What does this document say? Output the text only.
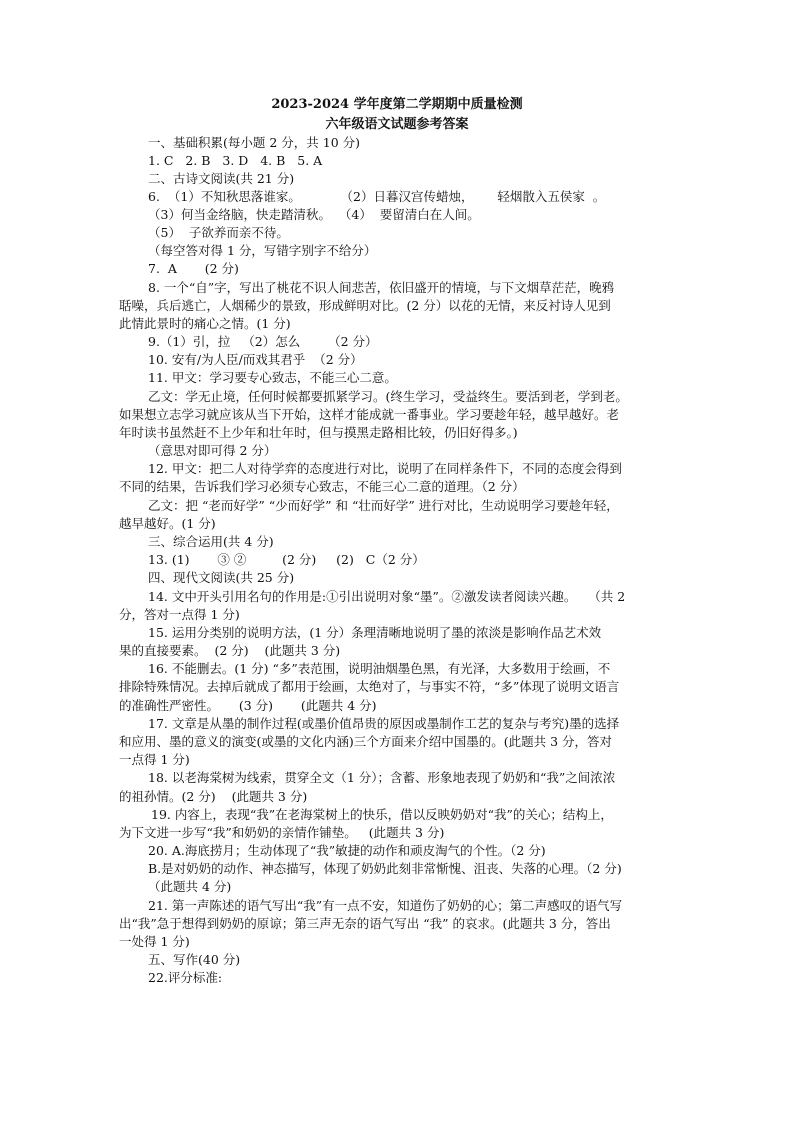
2023-2024 学年度第二学期期中质量检测
六年级语文试题参考答案
一、基础积累(每小题 2 分，共 10 分)
1. C   2. B   3. D   4. B   5. A
二、古诗文阅读(共 21 分)
6.  （1）不知秋思落谁家。          （2）日暮汉宫传蜡烛，      轻烟散入五侯家  。
（3）何当金络脑，快走踏清秋。  （4）  要留清白在人间。
（5）  子欲养而亲不待。
（每空答对得 1 分，写错字别字不给分）
7.  A       (2 分)
8. 一个“自”字，写出了桃花不识人间悲苦，依旧盛开的情境，与下文烟草茫茫，晚鸦
聒噪，兵后逃亡，人烟稀少的景致，形成鲜明对比。(2 分）以花的无情，来反衬诗人见到
此情此景时的痛心之情。(1 分)
9.（1）引，拉   （2）怎么       （2 分）
10. 安有/为人臣/而戏其君乎  （2 分）
11. 甲文：学习要专心致志，不能三心二意。
乙文：学无止境，任何时候都要抓紧学习。(终生学习，受益终生。要活到老，学到老。
如果想立志学习就应该从当下开始，这样才能成就一番事业。学习要趁年轻，越早越好。老
年时读书虽然赶不上少年和壮年时，但与摸黑走路相比较，仍旧好得多。)
（意思对即可得 2 分）
12. 甲文：把二人对待学弈的态度进行对比，说明了在同样条件下，不同的态度会得到
不同的结果，告诉我们学习必须专心致志，不能三心二意的道理。（2 分）
乙文：把 “老而好学” “少而好学” 和 “壮而好学” 进行对比，生动说明学习要趁年轻，
越早越好。(1 分)
三、综合运用(共 4 分)
13. (1)       ③ ②         (2 分)     (2)   C（2 分）
四、现代文阅读(共 25 分)
14. 文中开头引用名句的作用是:①引出说明对象“墨”。②激发读者阅读兴趣。   （共 2
分，答对一点得 1 分)
15. 运用分类别的说明方法，(1 分）条理清晰地说明了墨的浓淡是影响作品艺术效
果的直接要素。  (2 分)    (此题共 3 分)
16. 不能删去。(1 分) “多”表范围，说明油烟墨色黑，有光泽，大多数用于绘画，不
排除特殊情况。去掉后就成了都用于绘画，太绝对了，与事实不符，“多”体现了说明文语言
的准确性严密性。     (3 分)       (此题共 4 分)
17. 文章是从墨的制作过程(或墨价值昂贵的原因或墨制作工艺的复杂与考究)墨的选择
和应用、墨的意义的演变(或墨的文化内涵)三个方面来介绍中国墨的。(此题共 3 分，答对
一点得 1 分)
18. 以老海棠树为线索，贯穿全文（1 分）；含蓄、形象地表现了奶奶和“我”之间浓浓
的祖孙情。(2 分)    (此题共 3 分)
19. 内容上，表现“我”在老海棠树上的快乐，借以反映奶奶对“我”的关心；结构上，
为下文进一步写“我”和奶奶的亲情作铺垫。   (此题共 3 分)
20. A.海底捞月；生动体现了“我”敏捷的动作和顽皮淘气的个性。（2 分)
B.是对奶奶的动作、神态描写，体现了奶奶此刻非常惭愧、沮丧、失落的心理。（2 分)
（此题共 4 分)
21. 第一声陈述的语气写出“我”有一点不安，知道伤了奶奶的心；第二声感叹的语气写
出“我”急于想得到奶奶的原谅；第三声无奈的语气写出 “我” 的哀求。(此题共 3 分，答出
一处得 1 分)
五、写作(40 分)
22.评分标准:
